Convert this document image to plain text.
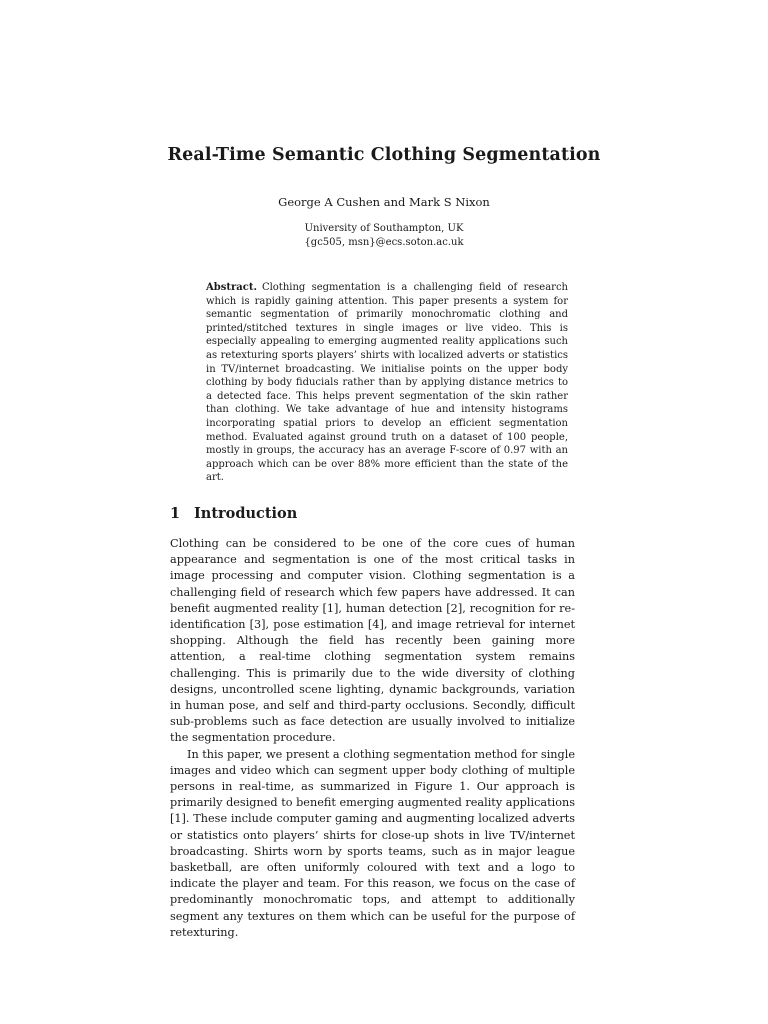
Real-Time Semantic Clothing Segmentation
George A Cushen and Mark S Nixon
University of Southampton, UK
{gc505, msn}@ecs.soton.ac.uk
Abstract. Clothing segmentation is a challenging field of research which is rapidly gaining attention. This paper presents a system for semantic segmentation of primarily monochromatic clothing and printed/stitched textures in single images or live video. This is especially appealing to emerging augmented reality applications such as retexturing sports players’ shirts with localized adverts or statistics in TV/internet broadcasting. We initialise points on the upper body clothing by body fiducials rather than by applying distance metrics to a detected face. This helps prevent segmentation of the skin rather than clothing. We take advantage of hue and intensity histograms incorporating spatial priors to develop an efficient segmentation method. Evaluated against ground truth on a dataset of 100 people, mostly in groups, the accuracy has an average F-score of 0.97 with an approach which can be over 88% more efficient than the state of the art.
1 Introduction

Clothing can be considered to be one of the core cues of human appearance and segmentation is one of the most critical tasks in image processing and computer vision. Clothing segmentation is a challenging field of research which few papers have addressed. It can benefit augmented reality [1], human detection [2], recognition for re-identification [3], pose estimation [4], and image retrieval for internet shopping. Although the field has recently been gaining more attention, a real-time clothing segmentation system remains challenging. This is primarily due to the wide diversity of clothing designs, uncontrolled scene lighting, dynamic backgrounds, variation in human pose, and self and third-party occlusions. Secondly, difficult sub-problems such as face detection are usually involved to initialize the segmentation procedure.

In this paper, we present a clothing segmentation method for single images and video which can segment upper body clothing of multiple persons in real-time, as summarized in Figure 1. Our approach is primarily designed to benefit emerging augmented reality applications [1]. These include computer gaming and augmenting localized adverts or statistics onto players’ shirts for close-up shots in live TV/internet broadcasting. Shirts worn by sports teams, such as in major league basketball, are often uniformly coloured with text and a logo to indicate the player and team. For this reason, we focus on the case of predominantly monochromatic tops, and attempt to additionally segment any textures on them which can be useful for the purpose of retexturing.
